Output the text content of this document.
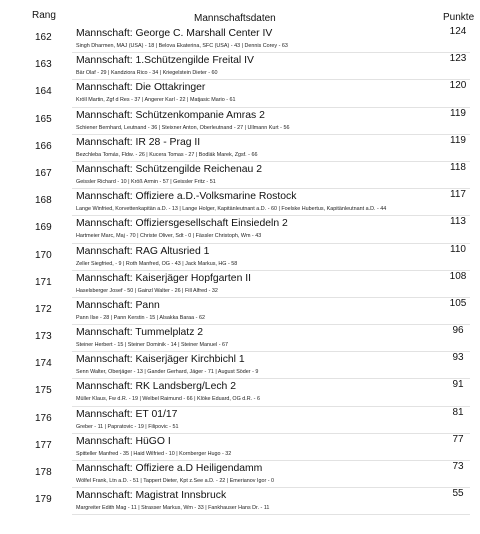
Rang	Mannschaftsdaten	Punkte
162 Mannschaft: George C. Marshall Center IV
Singh Dharmen, MAJ (USA) - 18 | Belova Ekaterina, SFC (USA) - 43 | Dennis Corey - 63
124
163 Mannschaft: 1.Schützengilde Freital IV
Bär Olaf - 29 | Kandziora Rico - 34 | Kriegelstein Dieter - 60
123
164 Mannschaft: Die Ottakringer
Kröll Martin, Zgf d Res - 37 | Angerer Karl - 22 | Matjasic Mario - 61
120
165 Mannschaft: Schützenkompanie Amras 2
Schiener Bernhard, Leutnand - 36 | Steixner Anton, Oberleutnand - 27 | Ullmann Kurt - 56
119
166 Mannschaft: IR 28 - Prag II
Bezchleba Tomás, Fldw. - 26 | Kucera Tomas - 27 | Bodlák Marek, Zgsf. - 66
119
167 Mannschaft: Schützengilde Reichenau 2
Geissler Richard - 10 | Kröß Armin - 57 | Geissler Fritz - 51
118
168 Mannschaft: Offiziere a.D.-Volksmarine Rostock
Lange Winfried, Korvettenkapitän a.D. - 13 | Lange Holger, Kapitänleutnant a.D. - 60 | Foelske Hubertus, Kapitänleutnant a.D. - 44
117
169 Mannschaft: Offiziersgesellschaft Einsiedeln 2
Hartmeier Marc, Maj - 70 | Christe Oliver, Sdt - 0 | Fässler Christoph, Wm - 43
113
170 Mannschaft: RAG Altusried 1
Zeller Siegfried, - 9 | Roth Manfred, OG - 43 | Jack Markus, HG - 58
110
171 Mannschaft: Kaiserjäger Hopfgarten II
Haselsberger Josef - 50 | Gainzl Walter - 26 | Fill Alfred - 32
108
172 Mannschaft: Pann
Pann Ilse - 28 | Pann Kerstin - 15 | Alsakka Baraa - 62
105
173 Mannschaft: Tummelplatz 2
Steiner Herbert - 15 | Steiner Dominik - 14 | Steiner Manuel - 67
96
174 Mannschaft: Kaiserjäger Kirchbichl 1
Senn Walter, Oberjäger - 13 | Gander Gerhard, Jäger - 71 | August Söder - 9
93
175 Mannschaft: RK Landsberg/Lech 2
Müller Klaus, Fw d.R. - 19 | Welbel Raimund - 66 | Klöke Eduard, OG d.R. - 6
91
176 Mannschaft: ET 01/17
Greber - 11 | Papratovic - 19 | Filipovic - 51
81
177 Mannschaft: HüGO I
Spitteller Manfred - 35 | Haid Wilfried - 10 | Kornberger Hugo - 32
77
178 Mannschaft: Offiziere a.D Heiligendamm
Wölfel Frank, Ltn a.D. - 51 | Tappert Dieter, Kpt z.See a.D. - 22 | Emerianov Igor - 0
73
179 Mannschaft: Magistrat Innsbruck
Margreiter Edith Mag - 11 | Strasser Markus, Wm - 33 | Fankhauser Hans Dr. - 11
55
